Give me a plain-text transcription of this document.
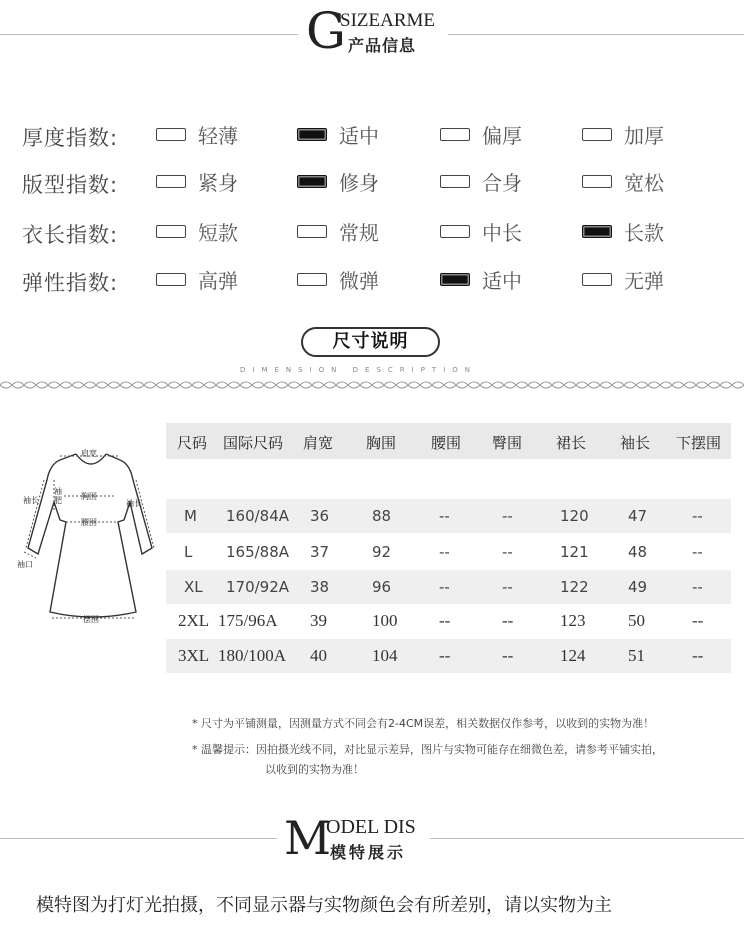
G
SIZEARME
产品信息
厚度指数:	轻薄	适中	偏厚	加厚
版型指数:	紧身	修身	合身	宽松
衣长指数:	短款	常规	中长	长款
弹性指数:	高弹	微弹	适中	无弹
尺寸说明
DIMENSION DESCRIPTION
肩宽
袖长
袖肥 胸围
袖长
腰围
袖口
摆围
尺码 国际尺码 肩宽 胸围 腰围 臀围 裙长 袖长 下摆围
M 160/84A 36	88	--	--	120	47	--
L 165/88A 37	92	--	--	121	48	--
XL 170/92A 38	96	--	--	122	49	--
2XL 175/96A 39	100 --	--	123	50	--
3XL 180/100A 40	104 --	--	124	51	--
* 尺寸为平铺测量，因测量方式不同会有2-4CM误差，相关数据仅作参考，以收到的实物为准！
* 温馨提示：因拍摄光线不同，对比显示差异，图片与实物可能存在细微色差，请参考平铺实拍，
以收到的实物为准！
M
ODEL DIS
模特展示
模特图为打灯光拍摄，不同显示器与实物颜色会有所差别，请以实物为主
